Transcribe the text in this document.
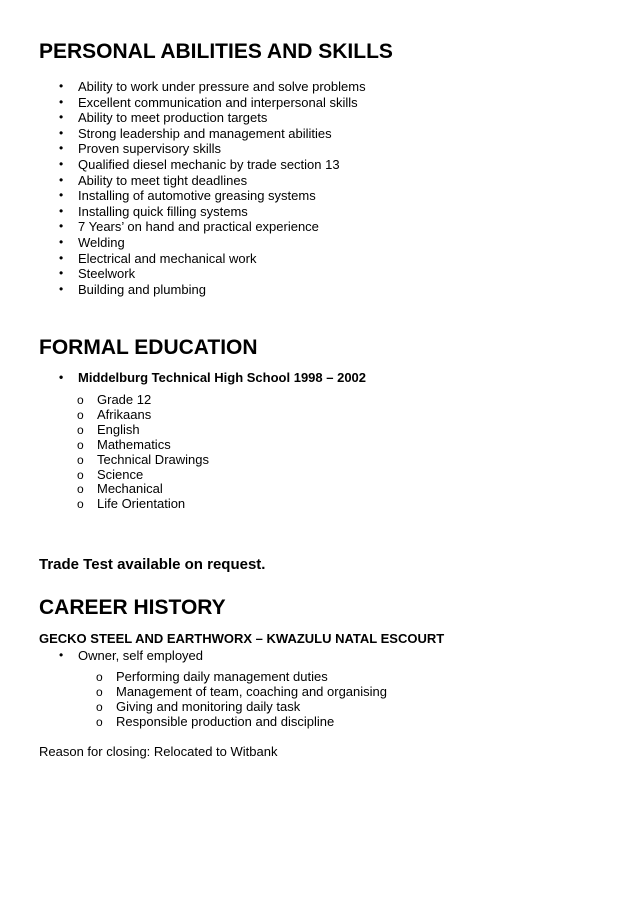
PERSONAL ABILITIES AND SKILLS
• Ability to work under pressure and solve problems
• Excellent communication and interpersonal skills
• Ability to meet production targets
• Strong leadership and management abilities
• Proven supervisory skills
• Qualified diesel mechanic by trade section 13
• Ability to meet tight deadlines
• Installing of automotive greasing systems
• Installing quick filling systems
• 7 Years’ on hand and practical experience
• Welding
• Electrical and mechanical work
• Steelwork
• Building and plumbing
FORMAL EDUCATION
• Middelburg Technical High School 1998 – 2002
o Grade 12
o Afrikaans
o English
o Mathematics
o Technical Drawings
o Science
o Mechanical
o Life Orientation

Trade Test available on request.

CAREER HISTORY

GECKO STEEL AND EARTHWORX – KWAZULU NATAL ESCOURT

• Owner, self employed
o Performing daily management duties
o Management of team, coaching and organising
o Giving and monitoring daily task
o Responsible production and discipline

Reason for closing: Relocated to Witbank
